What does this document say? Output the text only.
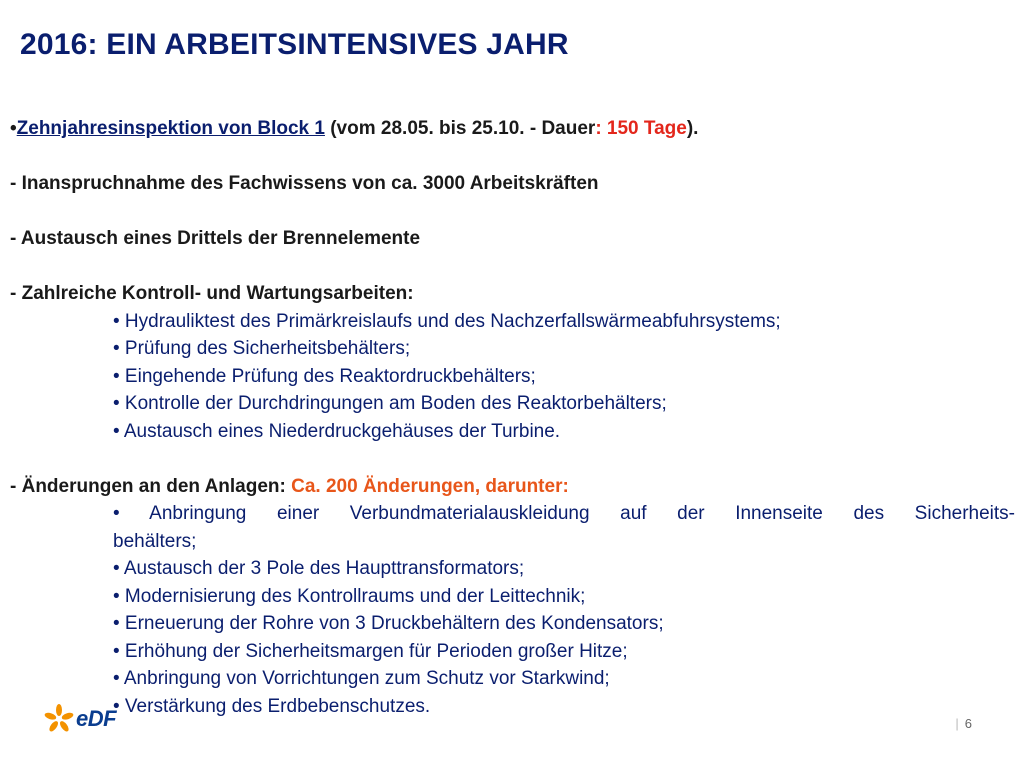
2016: EIN ARBEITSINTENSIVES JAHR
•Zehnjahresinspektion von Block 1 (vom 28.05. bis 25.10. - Dauer: 150 Tage).
- Inanspruchnahme des Fachwissens von ca. 3000 Arbeitskräften
- Austausch eines Drittels der Brennelemente
- Zahlreiche Kontroll- und Wartungsarbeiten:
• Hydrauliktest des Primärkreislaufs und des Nachzerfallswärmeabfuhrsystems;
• Prüfung des Sicherheitsbehälters;
• Eingehende Prüfung des Reaktordruckbehälters;
• Kontrolle der Durchdringungen am Boden des Reaktorbehälters;
• Austausch eines Niederdruckgehäuses der Turbine.
- Änderungen an den Anlagen: Ca. 200 Änderungen, darunter:
• Anbringung einer Verbundmaterialauskleidung auf der Innenseite des Sicherheits-
behälters;
• Austausch der 3 Pole des Haupttransformators;
• Modernisierung des Kontrollraums und der Leittechnik;
• Erneuerung der Rohre von 3 Druckbehältern des Kondensators;
• Erhöhung der Sicherheitsmargen für Perioden großer Hitze;
• Anbringung von Vorrichtungen zum Schutz vor Starkwind;
• Verstärkung des Erdbebenschutzes.
eDF	| 6
